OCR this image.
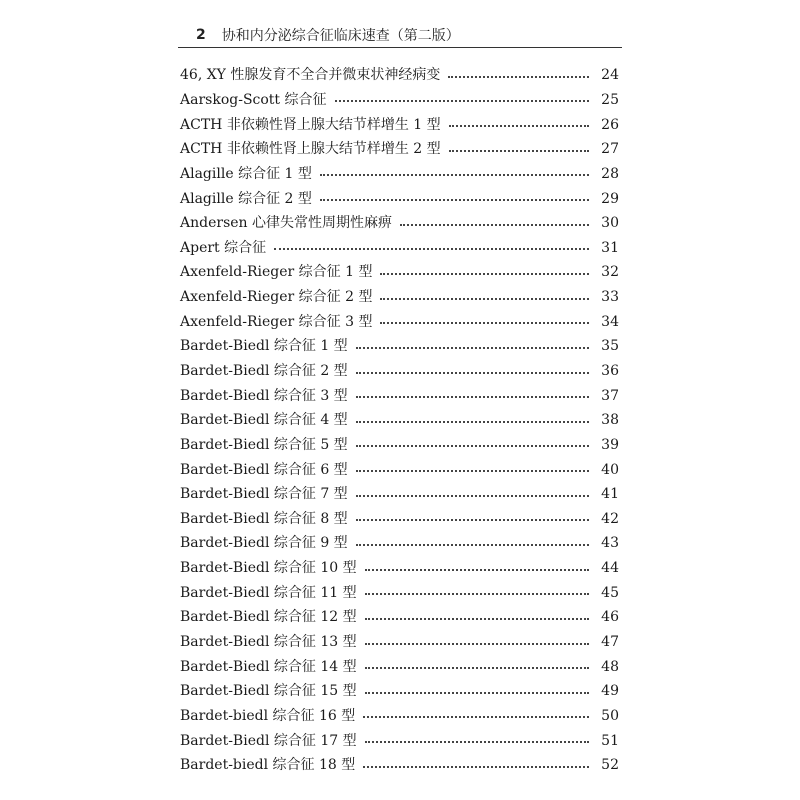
2 协和内分泌综合征临床速查（第二版）
46, XY 性腺发育不全合并微束状神经病变	24
Aarskog-Scott 综合征	25
ACTH 非依赖性肾上腺大结节样增生 1 型	26
ACTH 非依赖性肾上腺大结节样增生 2 型	27
Alagille 综合征 1 型	28
Alagille 综合征 2 型	29
Andersen 心律失常性周期性麻痹	30
Apert 综合征	31
Axenfeld-Rieger 综合征 1 型	32
Axenfeld-Rieger 综合征 2 型	33
Axenfeld-Rieger 综合征 3 型	34
Bardet-Biedl 综合征 1 型	35
Bardet-Biedl 综合征 2 型	36
Bardet-Biedl 综合征 3 型	37
Bardet-Biedl 综合征 4 型	38
Bardet-Biedl 综合征 5 型	39
Bardet-Biedl 综合征 6 型	40
Bardet-Biedl 综合征 7 型	41
Bardet-Biedl 综合征 8 型	42
Bardet-Biedl 综合征 9 型	43
Bardet-Biedl 综合征 10 型	44
Bardet-Biedl 综合征 11 型	45
Bardet-Biedl 综合征 12 型	46
Bardet-Biedl 综合征 13 型	47
Bardet-Biedl 综合征 14 型	48
Bardet-Biedl 综合征 15 型	49
Bardet-biedl 综合征 16 型	50
Bardet-Biedl 综合征 17 型	51
Bardet-biedl 综合征 18 型	52
